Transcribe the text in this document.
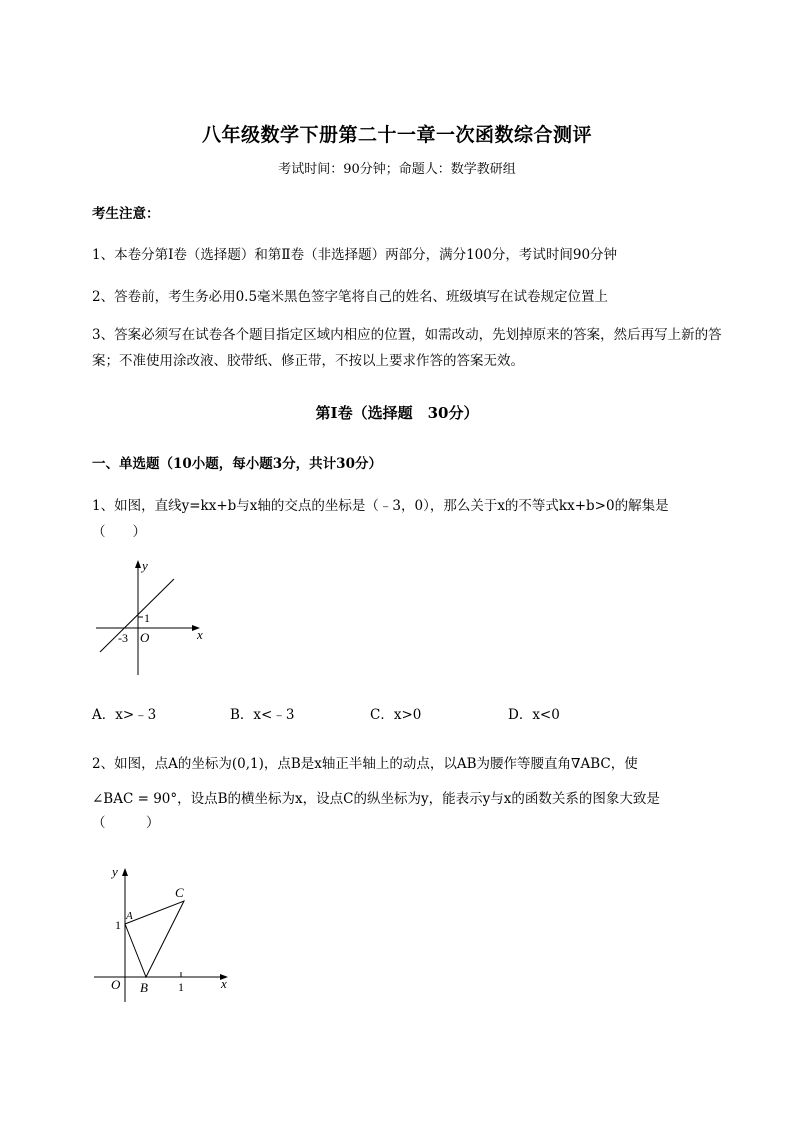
八年级数学下册第二十一章一次函数综合测评
考试时间：90分钟；命题人：数学教研组
考生注意：
1、本卷分第I卷（选择题）和第Ⅱ卷（非选择题）两部分，满分100分，考试时间90分钟
2、答卷前，考生务必用0.5毫米黑色签字笔将自己的姓名、班级填写在试卷规定位置上
3、答案必须写在试卷各个题目指定区域内相应的位置，如需改动，先划掉原来的答案，然后再写上新的答案；不准使用涂改液、胶带纸、修正带，不按以上要求作答的答案无效。
第I卷（选择题　30分）
一、单选题（10小题，每小题3分，共计30分）
1、如图，直线y=kx+b与x轴的交点的坐标是（﹣3，0），那么关于x的不等式kx+b>0的解集是
（　　）
y
x
O
1
-3
A．x>﹣3	B．x<﹣3	C．x>0	D．x<0
2、如图，点A的坐标为(0,1)，点B是x轴正半轴上的动点，以AB为腰作等腰直角∇ABC，使
∠BAC = 90°，设点B的横坐标为x，设点C的纵坐标为y，能表示y与x的函数关系的图象大致是
（　　　）
y
x
O
A
B
C
1
1
